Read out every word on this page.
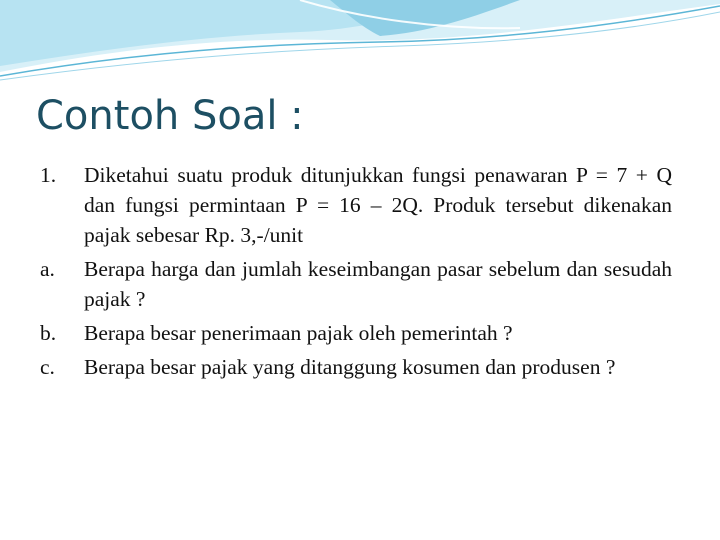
Contoh Soal :
1.	Diketahui suatu produk ditunjukkan fungsi penawaran P = 7 + Q dan fungsi permintaan P = 16 – 2Q. Produk tersebut dikenakan pajak sebesar Rp. 3,-/unit
a.	Berapa harga dan jumlah keseimbangan pasar sebelum dan sesudah pajak ?
b.	Berapa besar penerimaan pajak oleh pemerintah ?
c.	Berapa besar pajak yang ditanggung kosumen dan produsen ?
